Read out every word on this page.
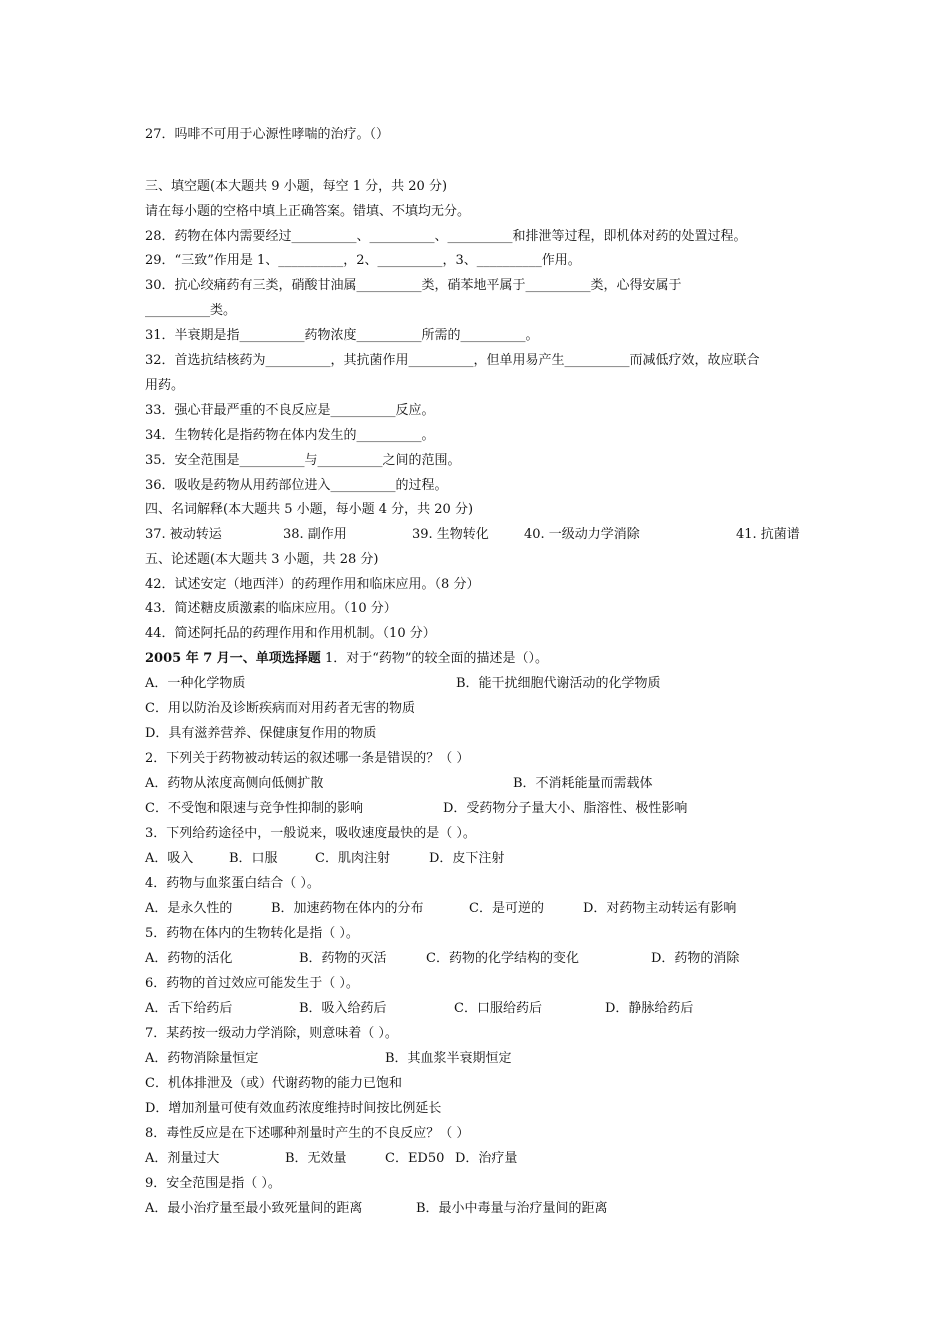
27．吗啡不可用于心源性哮喘的治疗。（）
三、填空题(本大题共 9 小题，每空 1 分，共 20 分)
请在每小题的空格中填上正确答案。错填、不填均无分。
28．药物在体内需要经过__________、__________、__________和排泄等过程，即机体对药的处置过程。
29．“三致”作用是 1、__________，2、__________，3、__________作用。
30．抗心绞痛药有三类，硝酸甘油属__________类，硝苯地平属于__________类，心得安属于
__________类。
31．半衰期是指__________药物浓度__________所需的__________。
32．首选抗结核药为__________，其抗菌作用__________，但单用易产生__________而减低疗效，故应联合
用药。
33．强心苷最严重的不良反应是__________反应。
34．生物转化是指药物在体内发生的__________。
35．安全范围是__________与__________之间的范围。
36．吸收是药物从用药部位进入__________的过程。
四、名词解释(本大题共 5 小题，每小题 4 分，共 20 分)
37. 被动转运	38. 副作用	39. 生物转化	40. 一级动力学消除	41. 抗菌谱
五、论述题(本大题共 3 小题，共 28 分)
42．试述安定（地西泮）的药理作用和临床应用。（8 分）
43．简述糖皮质激素的临床应用。（10 分）
44．简述阿托品的药理作用和作用机制。（10 分）
2005 年 7 月一、单项选择题 1．对于“药物”的较全面的描述是（）。
A．一种化学物质	B．能干扰细胞代谢活动的化学物质
C．用以防治及诊断疾病而对用药者无害的物质
D．具有滋养营养、保健康复作用的物质
2．下列关于药物被动转运的叙述哪一条是错误的？（ ）
A．药物从浓度高侧向低侧扩散	B．不消耗能量而需载体
C．不受饱和限速与竞争性抑制的影响	D．受药物分子量大小、脂溶性、极性影响
3．下列给药途径中，一般说来，吸收速度最快的是（ ）。
A．吸入	B．口服	C．肌肉注射	D．皮下注射
4．药物与血浆蛋白结合（ ）。
A．是永久性的	B．加速药物在体内的分布	C．是可逆的	D．对药物主动转运有影响
5．药物在体内的生物转化是指（ ）。
A．药物的活化	B．药物的灭活	C．药物的化学结构的变化	D．药物的消除
6．药物的首过效应可能发生于（ ）。
A．舌下给药后	B．吸入给药后	C．口服给药后	D．静脉给药后
7．某药按一级动力学消除，则意味着（ ）。
A．药物消除量恒定	B．其血浆半衰期恒定
C．机体排泄及（或）代谢药物的能力已饱和
D．增加剂量可使有效血药浓度维持时间按比例延长
8．毒性反应是在下述哪种剂量时产生的不良反应？（ ）
A．剂量过大	B．无效量	C．ED50 D．治疗量
9．安全范围是指（ ）。
A．最小治疗量至最小致死量间的距离	B．最小中毒量与治疗量间的距离
